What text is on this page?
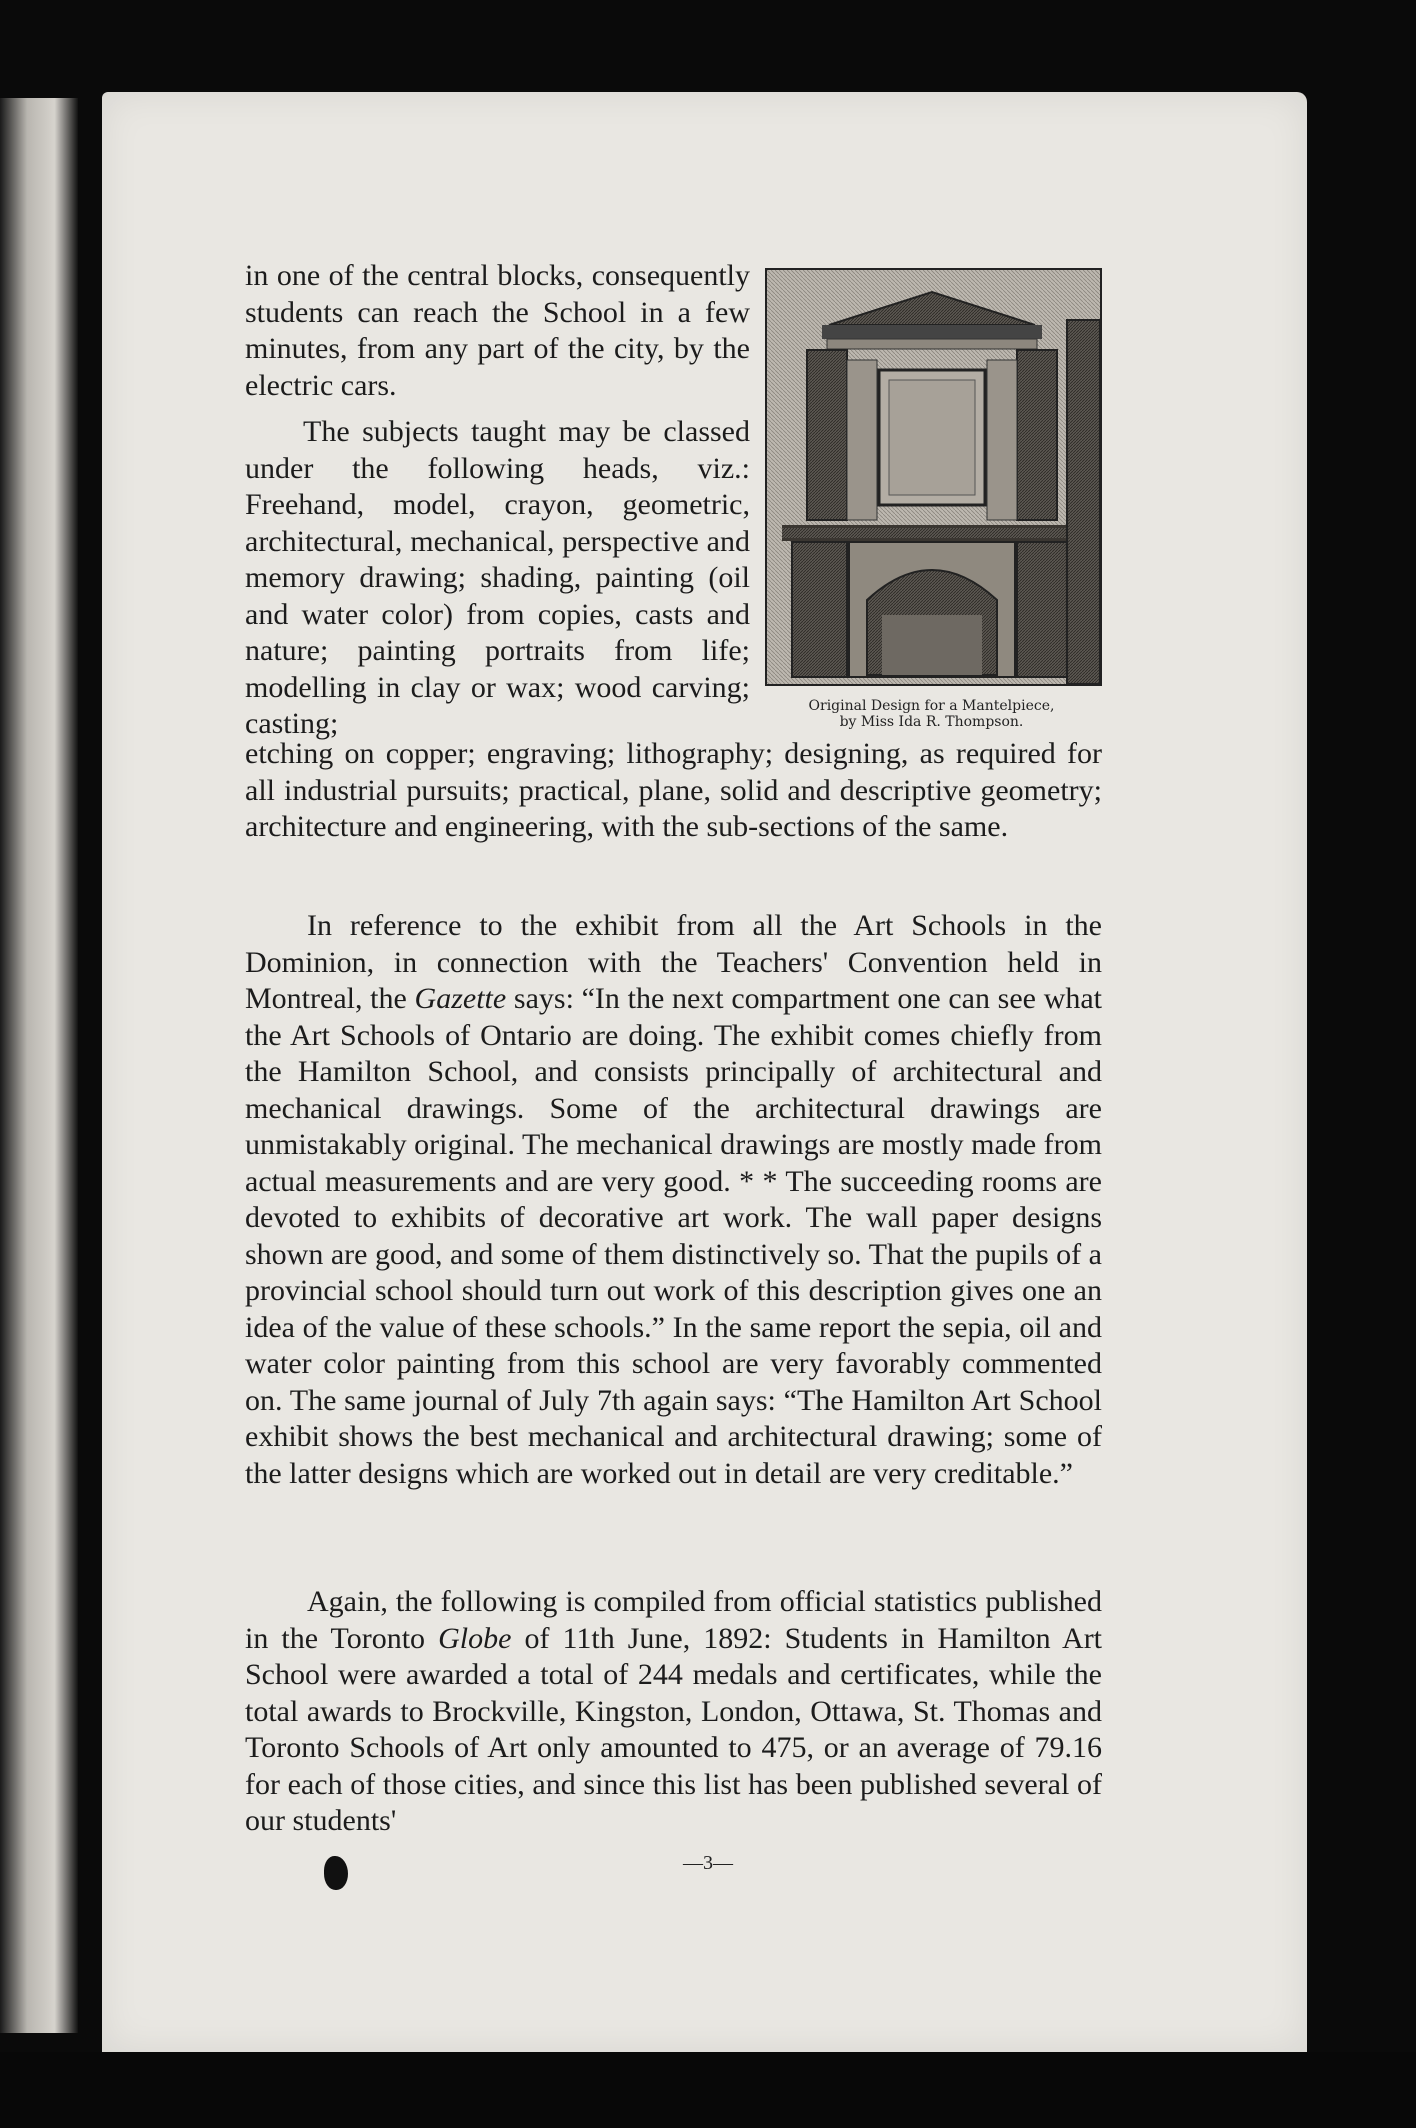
in one of the central blocks, consequently students can reach the School in a few minutes, from any part of the city, by the electric cars.

The subjects taught may be classed under the following heads, viz.: Freehand, model, crayon, geometric, architectural, mechanical, perspective and memory drawing; shading, painting (oil and water color) from copies, casts and nature; painting portraits from life; modelling in clay or wax; wood carving; casting;

Original Design for a Mantelpiece,
by Miss Ida R. Thompson.

etching on copper; engraving; lithography; designing, as required for all industrial pursuits; practical, plane, solid and descriptive geometry; architecture and engineering, with the sub-sections of the same.

In reference to the exhibit from all the Art Schools in the Dominion, in connection with the Teachers' Convention held in Montreal, the Gazette says: “In the next compartment one can see what the Art Schools of Ontario are doing. The exhibit comes chiefly from the Hamilton School, and consists principally of architectural and mechanical drawings. Some of the architectural drawings are unmistakably original. The mechanical drawings are mostly made from actual measurements and are very good. * * The succeeding rooms are devoted to exhibits of decorative art work. The wall paper designs shown are good, and some of them distinctively so. That the pupils of a provincial school should turn out work of this description gives one an idea of the value of these schools.” In the same report the sepia, oil and water color painting from this school are very favorably commented on. The same journal of July 7th again says: “The Hamilton Art School exhibit shows the best mechanical and architectural drawing; some of the latter designs which are worked out in detail are very creditable.”

Again, the following is compiled from official statistics published in the Toronto Globe of 11th June, 1892: Students in Hamilton Art School were awarded a total of 244 medals and certificates, while the total awards to Brockville, Kingston, London, Ottawa, St. Thomas and Toronto Schools of Art only amounted to 475, or an average of 79.16 for each of those cities, and since this list has been published several of our students'

—3—
